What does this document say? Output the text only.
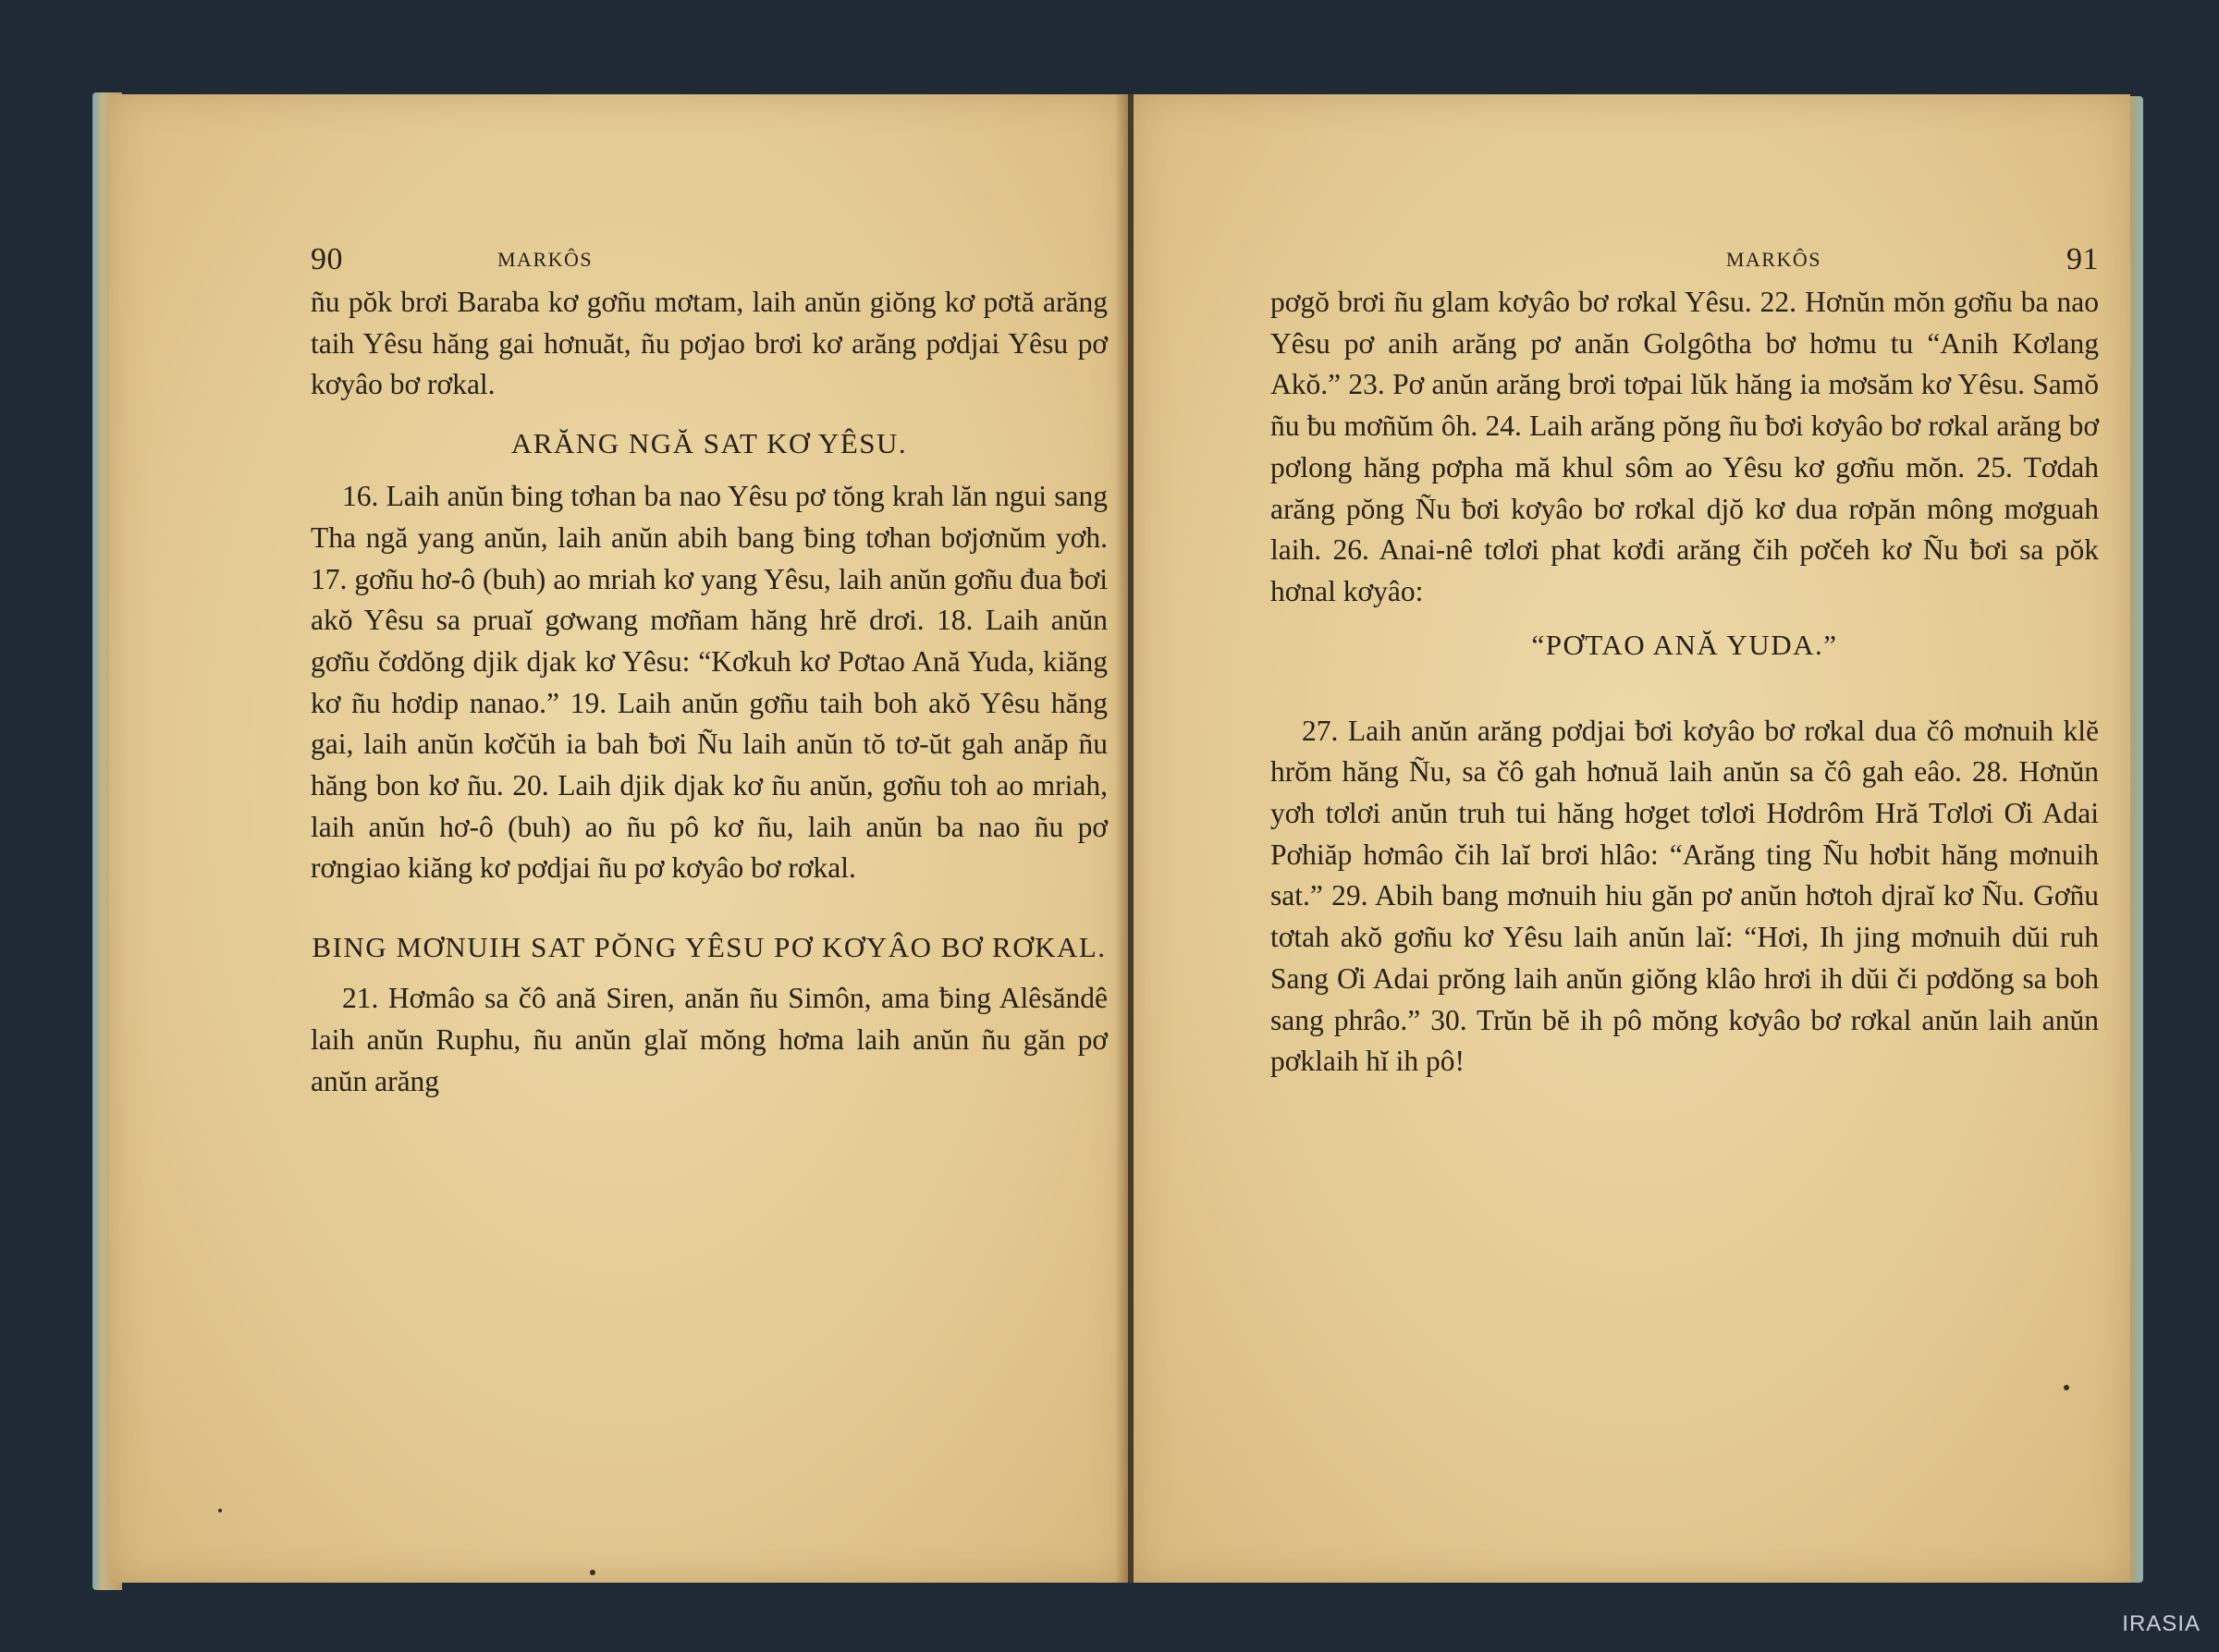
90	MARKÔS

ñu pŏk brơi Baraba kơ gơñu mơtam, laih anŭn giŏng kơ pơtă arăng taih Yêsu hăng gai hơnuăt, ñu pơjao brơi kơ arăng pơdjai Yêsu pơ kơyâo bơ rơkal.

ARĂNG NGĂ SAT KƠ YÊSU.

16. Laih anŭn ƀing tơhan ba nao Yêsu pơ tŏng krah lăn ngui sang Tha ngă yang anŭn, laih anŭn abih bang ƀing tơhan bơjơnŭm yơh. 17. gơñu hơ-ô (buh) ao mriah kơ yang Yêsu, laih anŭn gơñu đua ƀơi akŏ Yêsu sa pruaĭ gơwang mơñam hăng hrĕ drơi. 18. Laih anŭn gơñu čơdŏng djik djak kơ Yêsu: “Kơkuh kơ Pơtao Ană Yuda, kiăng kơ ñu hơdip nanao.” 19. Laih anŭn gơñu taih boh akŏ Yêsu hăng gai, laih anŭn kơčŭh ia bah ƀơi Ñu laih anŭn tŏ tơ-ŭt gah anăp ñu hăng bon kơ ñu. 20. Laih djik djak kơ ñu anŭn, gơñu toh ao mriah, laih anŭn hơ-ô (buh) ao ñu pô kơ ñu, laih anŭn ba nao ñu pơ rơngiao kiăng kơ pơdjai ñu pơ kơyâo bơ rơkal.

BING MƠNUIH SAT PŎNG YÊSU PƠ KƠYÂO BƠ RƠKAL.

21. Hơmâo sa čô ană Siren, anăn ñu Simôn, ama ƀing Alêsăndê laih anŭn Ruphu, ñu anŭn glaĭ mŏng hơma laih anŭn ñu găn pơ anŭn arăng

MARKÔS	91

pơgŏ brơi ñu glam kơyâo bơ rơkal Yêsu. 22. Hơnŭn mŏn gơñu ba nao Yêsu pơ anih arăng pơ anăn Golgôtha bơ hơmu tu “Anih Kơlang Akŏ.” 23. Pơ anŭn arăng brơi tơpai lŭk hăng ia mơsăm kơ Yêsu. Samŏ ñu ƀu mơñŭm ôh. 24. Laih arăng pŏng ñu ƀơi kơyâo bơ rơkal arăng bơ pơlong hăng pơpha mă khul sôm ao Yêsu kơ gơñu mŏn. 25. Tơdah arăng pŏng Ñu ƀơi kơyâo bơ rơkal djŏ kơ dua rơpăn mông mơguah laih. 26. Anai-nê tơlơi phat kơđi arăng čih pơčeh kơ Ñu ƀơi sa pŏk hơnal kơyâo:

“PƠTAO ANĂ YUDA.”

27. Laih anŭn arăng pơdjai ƀơi kơyâo bơ rơkal dua čô mơnuih klĕ hrŏm hăng Ñu, sa čô gah hơnuă laih anŭn sa čô gah eâo. 28. Hơnŭn yơh tơlơi anŭn truh tui hăng hơget tơlơi Hơdrôm Hră Tơlơi Ơi Adai Pơhiăp hơmâo čih laĭ brơi hlâo: “Arăng ting Ñu hơbit hăng mơnuih sat.” 29. Abih bang mơnuih hiu găn pơ anŭn hơtoh djraĭ kơ Ñu. Gơñu tơtah akŏ gơñu kơ Yêsu laih anŭn laĭ: “Hơi, Ih jing mơnuih dŭi ruh Sang Ơi Adai prŏng laih anŭn giŏng klâo hrơi ih dŭi či pơdŏng sa boh sang phrâo.” 30. Trŭn bĕ ih pô mŏng kơyâo bơ rơkal anŭn laih anŭn pơklaih hĭ ih pô!

IRASIA
